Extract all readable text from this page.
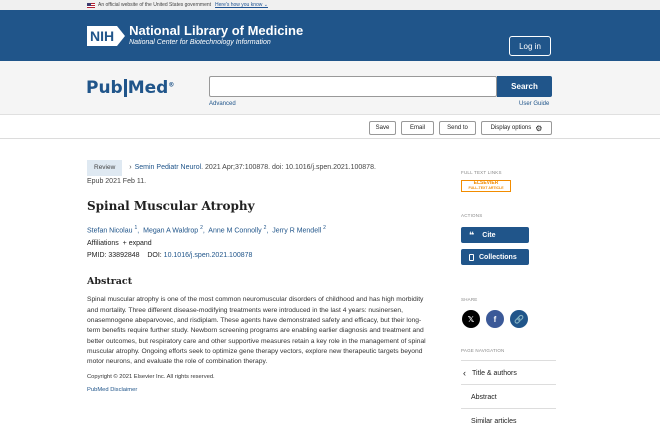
An official website of the United States government Here's how you know ⌄
NIH National Library of Medicine
National Center for Biotechnology Information	Log in
Pub Med®	Search
Advanced	User Guide
Save	Email	Send to	Display options ⚙
Review › Semin Pediatr Neurol. 2021 Apr;37:100878. doi: 10.1016/j.spen.2021.100878.
Epub 2021 Feb 11.
Spinal Muscular Atrophy
Stefan Nicolau $^1$,  Megan A Waldrop $^2$,  Anne M Connolly $^2$,  Jerry R Mendell $^2$
Affiliations + expand
PMID: 33892848 DOI: 10.1016/j.spen.2021.100878
Abstract
Spinal muscular atrophy is one of the most common neuromuscular disorders of childhood and has high morbidity and mortality. Three different disease-modifying treatments were introduced in the last 4 years: nusinersen, onasemnogene abeparvovec, and risdiplam. These agents have demonstrated safety and efficacy, but their long-term benefits require further study. Newborn screening programs are enabling earlier diagnosis and treatment and better outcomes, but respiratory care and other supportive measures retain a key role in the management of spinal muscular atrophy. Ongoing efforts seek to optimize gene therapy vectors, explore new therapeutic targets beyond motor neurons, and evaluate the role of combination therapy.
Copyright © 2021 Elsevier Inc. All rights reserved.
PubMed Disclaimer
FULL TEXT LINKS
ELSEVIER
FULL-TEXT ARTICLE
ACTIONS
❝ Cite
Collections
SHARE
𝕏	f	🔗
PAGE NAVIGATION
‹ Title & authors
Abstract
Similar articles
